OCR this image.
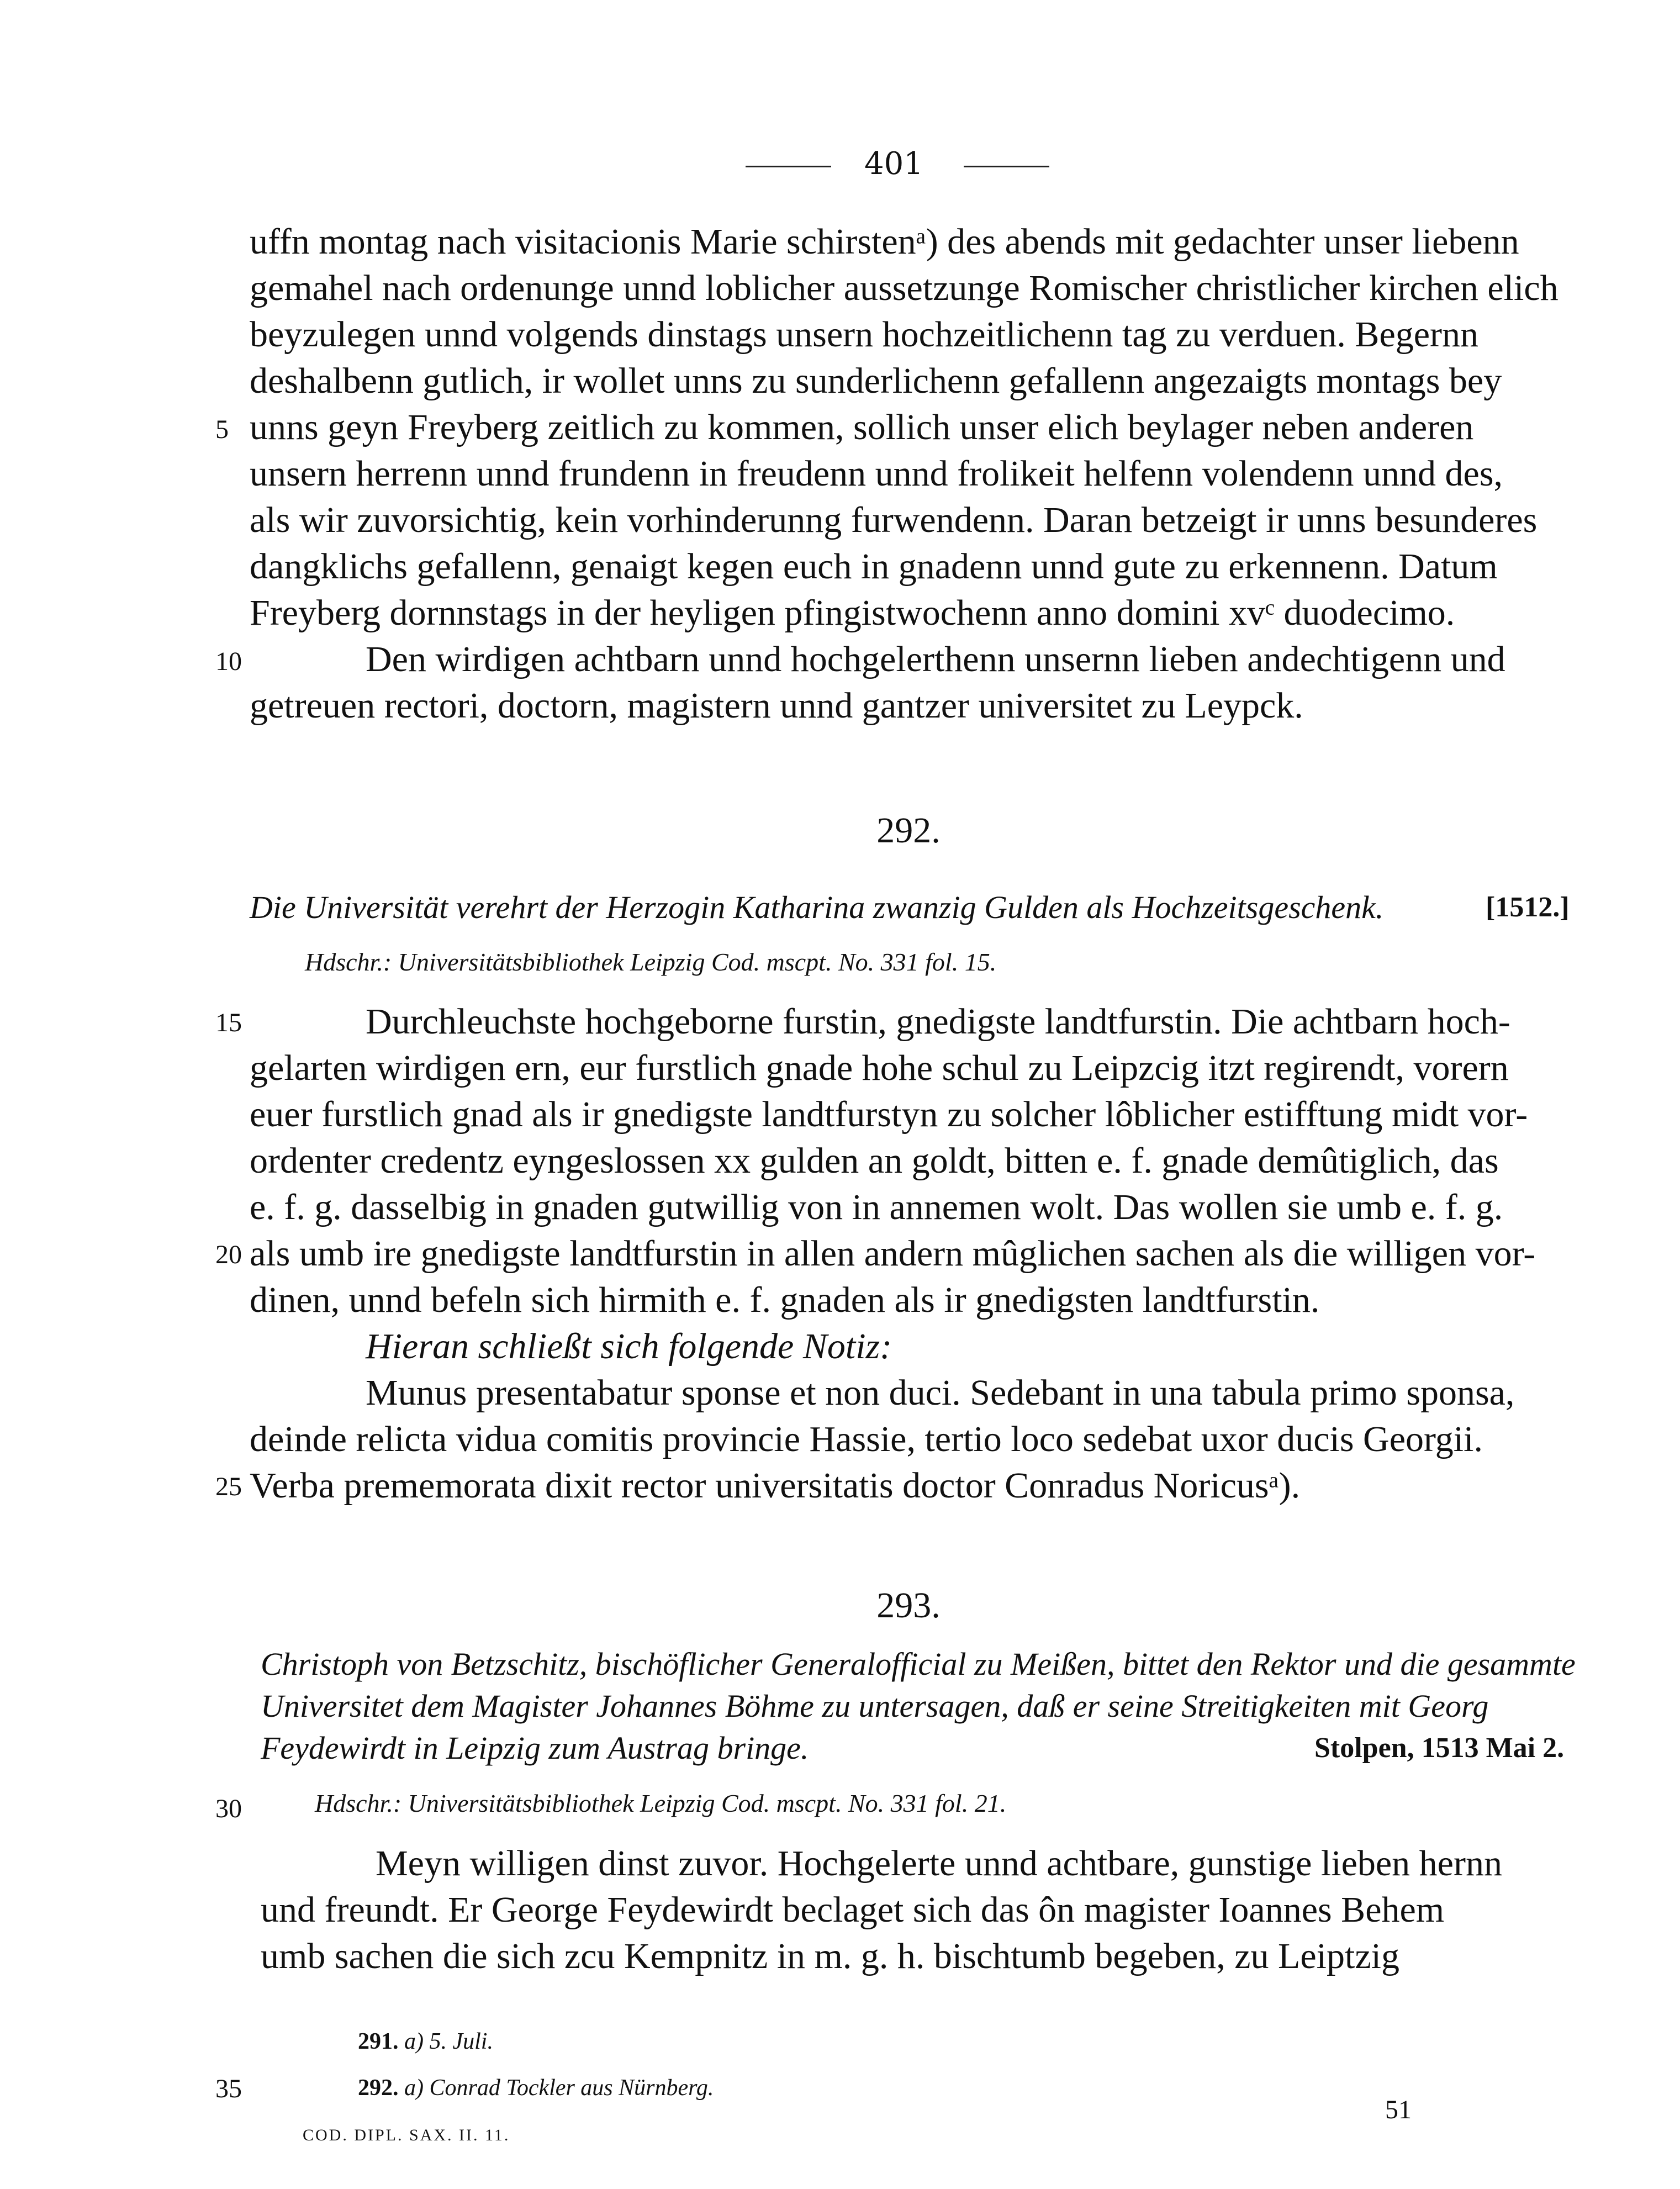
401
uffn montag nach visitacionis Marie schirstenᵃ) des abends mit gedachter unser liebenn
gemahel nach ordenunge unnd loblicher aussetzunge Romischer christlicher kirchen elich
beyzulegen unnd volgends dinstags unsern hochzeitlichenn tag zu verduen. Begernn
deshalbenn gutlich, ir wollet unns zu sunderlichenn gefallenn angezaigts montags bey
unns geyn Freyberg zeitlich zu kommen, sollich unser elich beylager neben anderen
unsern herrenn unnd frundenn in freudenn unnd frolikeit helfenn volendenn unnd des,
als wir zuvorsichtig, kein vorhinderunng furwendenn. Daran betzeigt ir unns besunderes
dangklichs gefallenn, genaigt kegen euch in gnadenn unnd gute zu erkennenn. Datum
Freyberg dornnstags in der heyligen pfingistwochenn anno domini xvᶜ duodecimo.
Den wirdigen achtbarn unnd hochgelerthenn unsernn lieben andechtigenn und
getreuen rectori, doctorn, magistern unnd gantzer universitet zu Leypck.
292.
Die Universität verehrt der Herzogin Katharina zwanzig Gulden als Hochzeitsgeschenk.	[1512.]
Hdschr.: Universitätsbibliothek Leipzig Cod. mscpt. No. 331 fol. 15.
Durchleuchste hochgeborne furstin, gnedigste landtfurstin. Die achtbarn hoch-
gelarten wirdigen ern, eur furstlich gnade hohe schul zu Leipzcig itzt regirendt, vorern
euer furstlich gnad als ir gnedigste landtfurstyn zu solcher lôblicher estifftung midt vor-
ordenter credentz eyngeslossen xx gulden an goldt, bitten e. f. gnade demûtiglich, das
e. f. g. dasselbig in gnaden gutwillig von in annemen wolt. Das wollen sie umb e. f. g.
als umb ire gnedigste landtfurstin in allen andern mûglichen sachen als die willigen vor-
dinen, unnd befeln sich hirmith e. f. gnaden als ir gnedigsten landtfurstin.
Hieran schließt sich folgende Notiz:
Munus presentabatur sponse et non duci. Sedebant in una tabula primo sponsa,
deinde relicta vidua comitis provincie Hassie, tertio loco sedebat uxor ducis Georgii.
Verba prememorata dixit rector universitatis doctor Conradus Noricusᵃ).
293.
Christoph von Betzschitz, bischöflicher Generalofficial zu Meißen, bittet den Rektor und die gesammte
Universitet dem Magister Johannes Böhme zu untersagen, daß er seine Streitigkeiten mit Georg
Feydewirdt in Leipzig zum Austrag bringe.	Stolpen, 1513 Mai 2.
Hdschr.: Universitätsbibliothek Leipzig Cod. mscpt. No. 331 fol. 21.
Meyn willigen dinst zuvor. Hochgelerte unnd achtbare, gunstige lieben hernn
und freundt. Er George Feydewirdt beclaget sich das ôn magister Ioannes Behem
umb sachen die sich zcu Kempnitz in m. g. h. bischtumb begeben, zu Leiptzig
5
10
15
20
25
30
35
291. a) 5. Juli.
292. a) Conrad Tockler aus Nürnberg.
COD. DIPL. SAX. II. 11.
51
